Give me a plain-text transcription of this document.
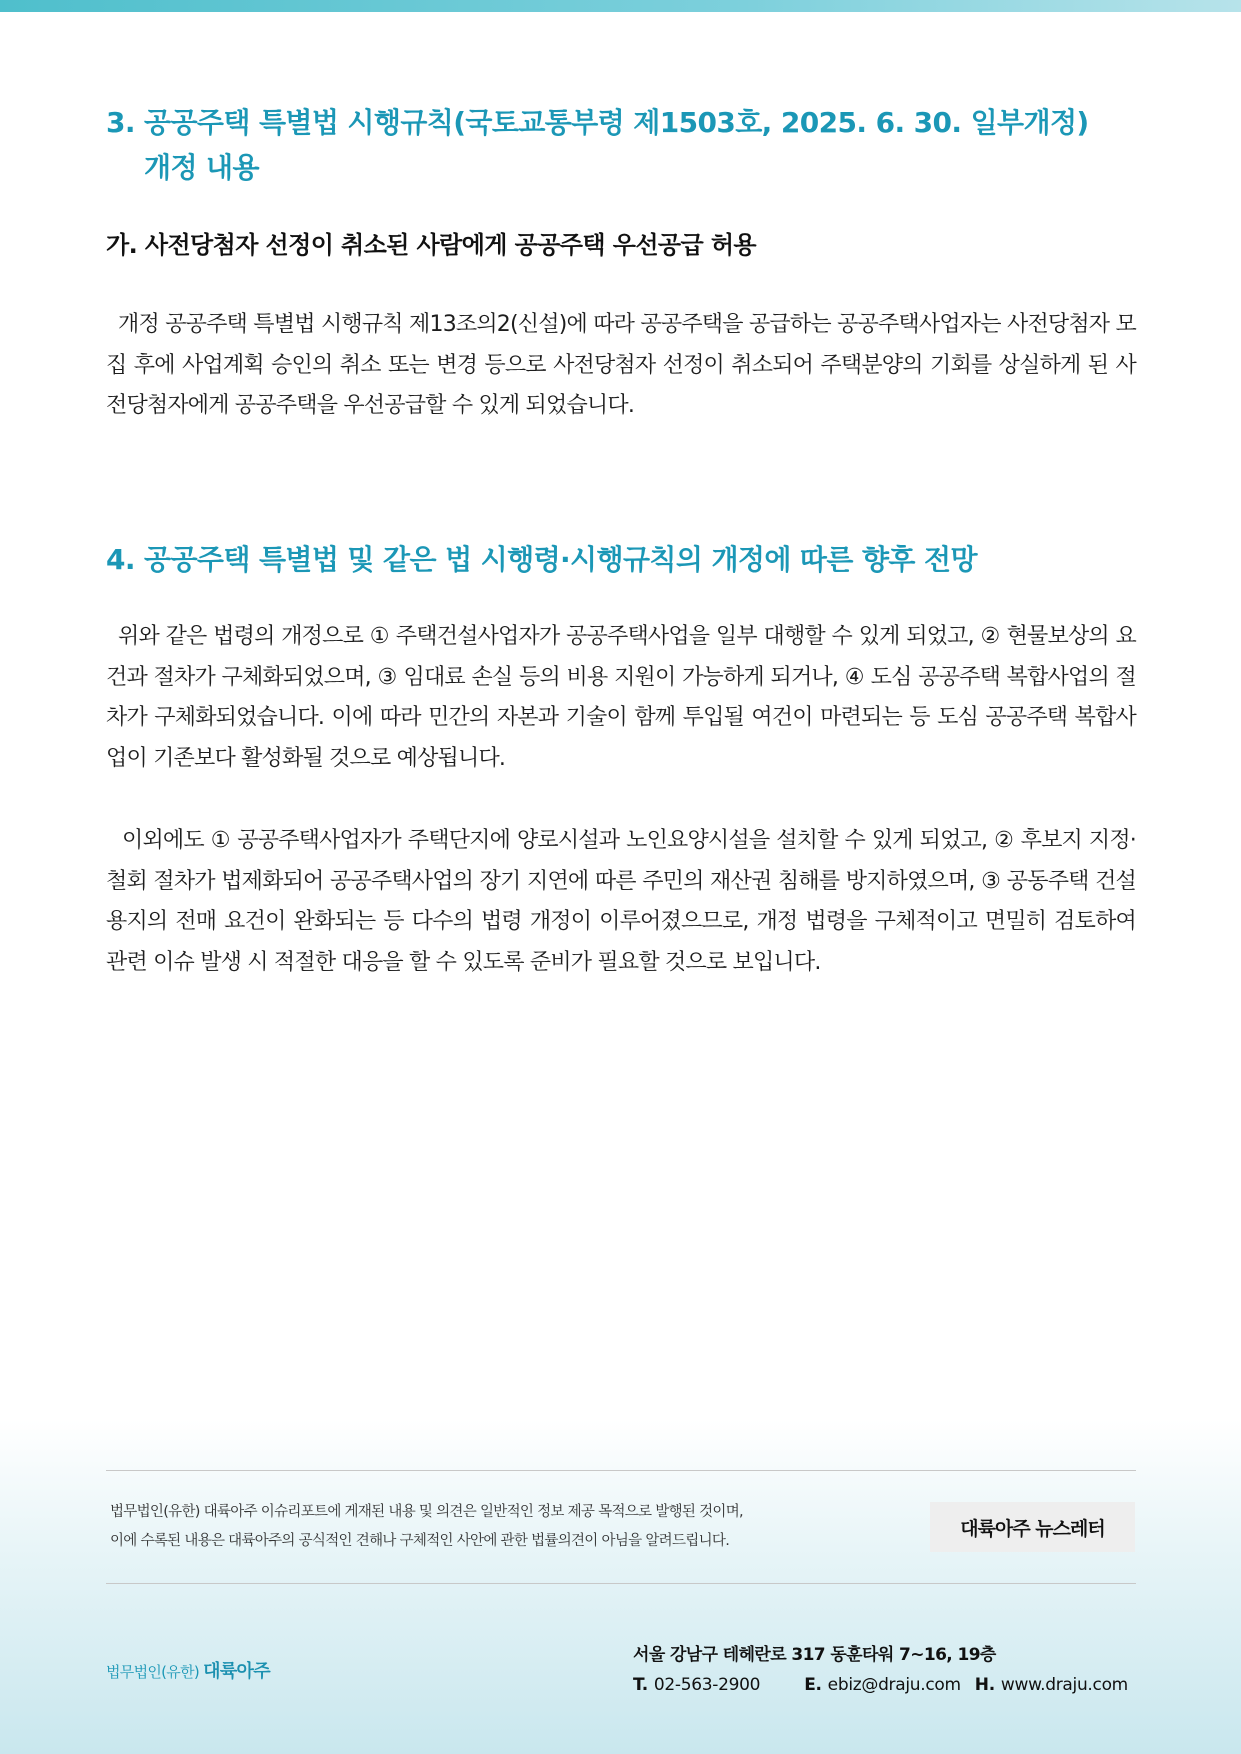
3. 공공주택 특별법 시행규칙(국토교통부령 제1503호, 2025. 6. 30. 일부개정)
개정 내용
가. 사전당첨자 선정이 취소된 사람에게 공공주택 우선공급 허용

개정 공공주택 특별법 시행규칙 제13조의2(신설)에 따라 공공주택을 공급하는 공공주택사업자는 사전당첨자 모집 후에 사업계획 승인의 취소 또는 변경 등으로 사전당첨자 선정이 취소되어 주택분양의 기회를 상실하게 된 사전당첨자에게 공공주택을 우선공급할 수 있게 되었습니다.

4. 공공주택 특별법 및 같은 법 시행령·시행규칙의 개정에 따른 향후 전망

위와 같은 법령의 개정으로 ① 주택건설사업자가 공공주택사업을 일부 대행할 수 있게 되었고, ② 현물보상의 요건과 절차가 구체화되었으며, ③ 임대료 손실 등의 비용 지원이 가능하게 되거나, ④ 도심 공공주택 복합사업의 절차가 구체화되었습니다. 이에 따라 민간의 자본과 기술이 함께 투입될 여건이 마련되는 등 도심 공공주택 복합사업이 기존보다 활성화될 것으로 예상됩니다.

이외에도 ① 공공주택사업자가 주택단지에 양로시설과 노인요양시설을 설치할 수 있게 되었고, ② 후보지 지정·철회 절차가 법제화되어 공공주택사업의 장기 지연에 따른 주민의 재산권 침해를 방지하였으며, ③ 공동주택 건설용지의 전매 요건이 완화되는 등 다수의 법령 개정이 이루어졌으므로, 개정 법령을 구체적이고 면밀히 검토하여 관련 이슈 발생 시 적절한 대응을 할 수 있도록 준비가 필요할 것으로 보입니다.

법무법인(유한) 대륙아주 이슈리포트에 게재된 내용 및 의견은 일반적인 정보 제공 목적으로 발행된 것이며,
이에 수록된 내용은 대륙아주의 공식적인 견해나 구체적인 사안에 관한 법률의견이 아님을 알려드립니다.
대륙아주 뉴스레터
법무법인(유한) 대륙아주
서울 강남구 테헤란로 317 동훈타워 7~16, 19층
T. 02-563-2900	E. ebiz@draju.com H. www.draju.com
